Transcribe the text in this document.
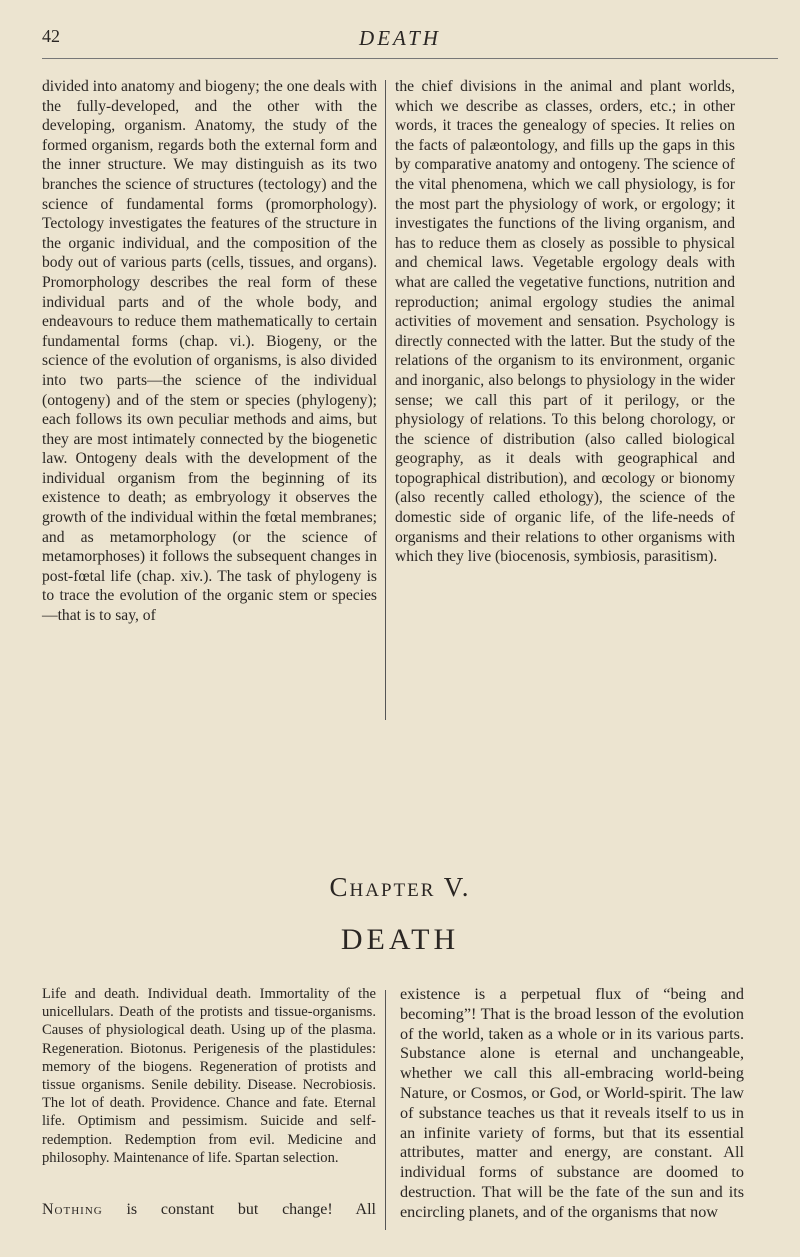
42	DEATH

divided into anatomy and biogeny; the one deals with the fully-developed, and the other with the developing, organism. Anatomy, the study of the formed organism, regards both the external form and the inner structure. We may distinguish as its two branches the science of structures (tectology) and the science of fundamental forms (promorphology). Tectology investigates the features of the structure in the organic individual, and the composition of the body out of various parts (cells, tissues, and organs). Promorphology describes the real form of these individual parts and of the whole body, and endeavours to reduce them mathematically to certain fundamental forms (chap. vi.). Biogeny, or the science of the evolution of organisms, is also divided into two parts—the science of the individual (ontogeny) and of the stem or species (phylogeny); each follows its own peculiar methods and aims, but they are most intimately connected by the biogenetic law. Ontogeny deals with the development of the individual organism from the beginning of its existence to death; as embryology it observes the growth of the individual within the fœtal membranes; and as metamorphology (or the science of metamorphoses) it follows the subsequent changes in post-fœtal life (chap. xiv.). The task of phylogeny is to trace the evolution of the organic stem or species—that is to say, of

the chief divisions in the animal and plant worlds, which we describe as classes, orders, etc.; in other words, it traces the genealogy of species. It relies on the facts of palæontology, and fills up the gaps in this by comparative anatomy and ontogeny. The science of the vital phenomena, which we call physiology, is for the most part the physiology of work, or ergology; it investigates the functions of the living organism, and has to reduce them as closely as possible to physical and chemical laws. Vegetable ergology deals with what are called the vegetative functions, nutrition and reproduction; animal ergology studies the animal activities of movement and sensation. Psychology is directly connected with the latter. But the study of the relations of the organism to its environment, organic and inorganic, also belongs to physiology in the wider sense; we call this part of it perilogy, or the physiology of relations. To this belong chorology, or the science of distribution (also called biological geography, as it deals with geographical and topographical distribution), and œcology or bionomy (also recently called ethology), the science of the domestic side of organic life, of the life-needs of organisms and their relations to other organisms with which they live (biocenosis, symbiosis, parasitism).

Chapter V.
DEATH
Life and death. Individual death. Immortality of the unicellulars. Death of the protists and tissue-organisms. Causes of physiological death. Using up of the plasma. Regeneration. Biotonus. Perigenesis of the plastidules: memory of the biogens. Regeneration of protists and tissue organisms. Senile debility. Disease. Necrobiosis. The lot of death. Providence. Chance and fate. Eternal life. Optimism and pessimism. Suicide and self-redemption. Redemption from evil. Medicine and philosophy. Maintenance of life. Spartan selection.
Nothing is constant but change! All

existence is a perpetual flux of “being and becoming”! That is the broad lesson of the evolution of the world, taken as a whole or in its various parts. Substance alone is eternal and unchangeable, whether we call this all-embracing world-being Nature, or Cosmos, or God, or World-spirit. The law of substance teaches us that it reveals itself to us in an infinite variety of forms, but that its essential attributes, matter and energy, are constant. All individual forms of substance are doomed to destruction. That will be the fate of the sun and its encircling planets, and of the organisms that now
